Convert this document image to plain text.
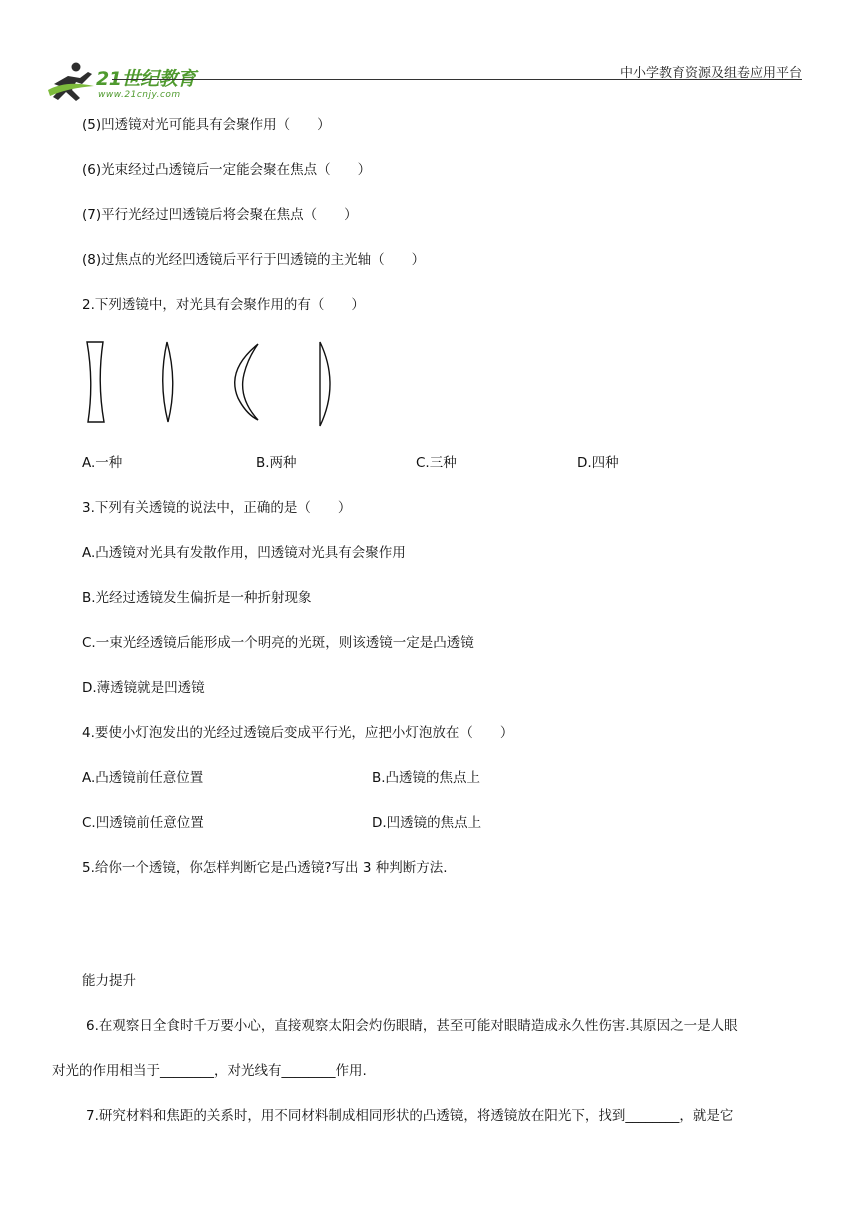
21世纪教育
www.21cnjy.com
中小学教育资源及组卷应用平台
(5)凹透镜对光可能具有会聚作用（　　）
(6)光束经过凸透镜后一定能会聚在焦点（　　）
(7)平行光经过凹透镜后将会聚在焦点（　　）
(8)过焦点的光经凹透镜后平行于凹透镜的主光轴（　　）
2.下列透镜中，对光具有会聚作用的有（　　）
A.一种	B.两种	C.三种	D.四种
3.下列有关透镜的说法中，正确的是（　　）
A.凸透镜对光具有发散作用，凹透镜对光具有会聚作用
B.光经过透镜发生偏折是一种折射现象
C.一束光经透镜后能形成一个明亮的光斑，则该透镜一定是凸透镜
D.薄透镜就是凹透镜
4.要使小灯泡发出的光经过透镜后变成平行光，应把小灯泡放在（　　）
A.凸透镜前任意位置	B.凸透镜的焦点上
C.凹透镜前任意位置	D.凹透镜的焦点上
5.给你一个透镜，你怎样判断它是凸透镜?写出 3 种判断方法.
能力提升
6.在观察日全食时千万要小心，直接观察太阳会灼伤眼睛，甚至可能对眼睛造成永久性伤害.其原因之一是人眼
对光的作用相当于________，对光线有________作用.
7.研究材料和焦距的关系时，用不同材料制成相同形状的凸透镜，将透镜放在阳光下，找到________，就是它
